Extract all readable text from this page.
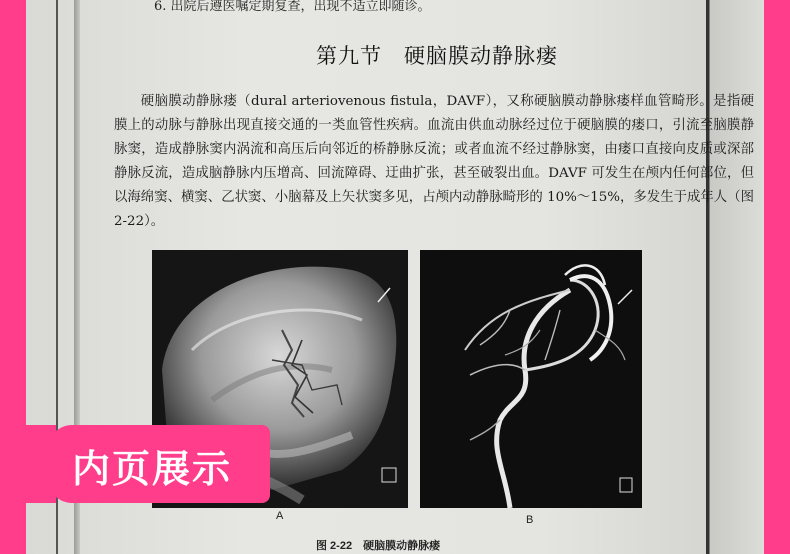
6. 出院后遵医嘱定期复查，出现不适立即随诊。
第九节　硬脑膜动静脉瘘

硬脑膜动静脉瘘（dural arteriovenous fistula，DAVF），又称硬脑膜动静脉瘘样血管畸形。是指硬膜上的动脉与静脉出现直接交通的一类血管性疾病。血流由供血动脉经过位于硬脑膜的瘘口，引流至脑膜静脉窦，造成静脉窦内涡流和高压后向邻近的桥静脉反流；或者血流不经过静脉窦，由瘘口直接向皮质或深部静脉反流，造成脑静脉内压增高、回流障碍、迂曲扩张，甚至破裂出血。DAVF 可发生在颅内任何部位，但以海绵窦、横窦、乙状窦、小脑幕及上矢状窦多见，占颅内动静脉畸形的 10%～15%，多发生于成年人（图 2-22）。

A	B
图 2-22　硬脑膜动静脉瘘
内页展示
